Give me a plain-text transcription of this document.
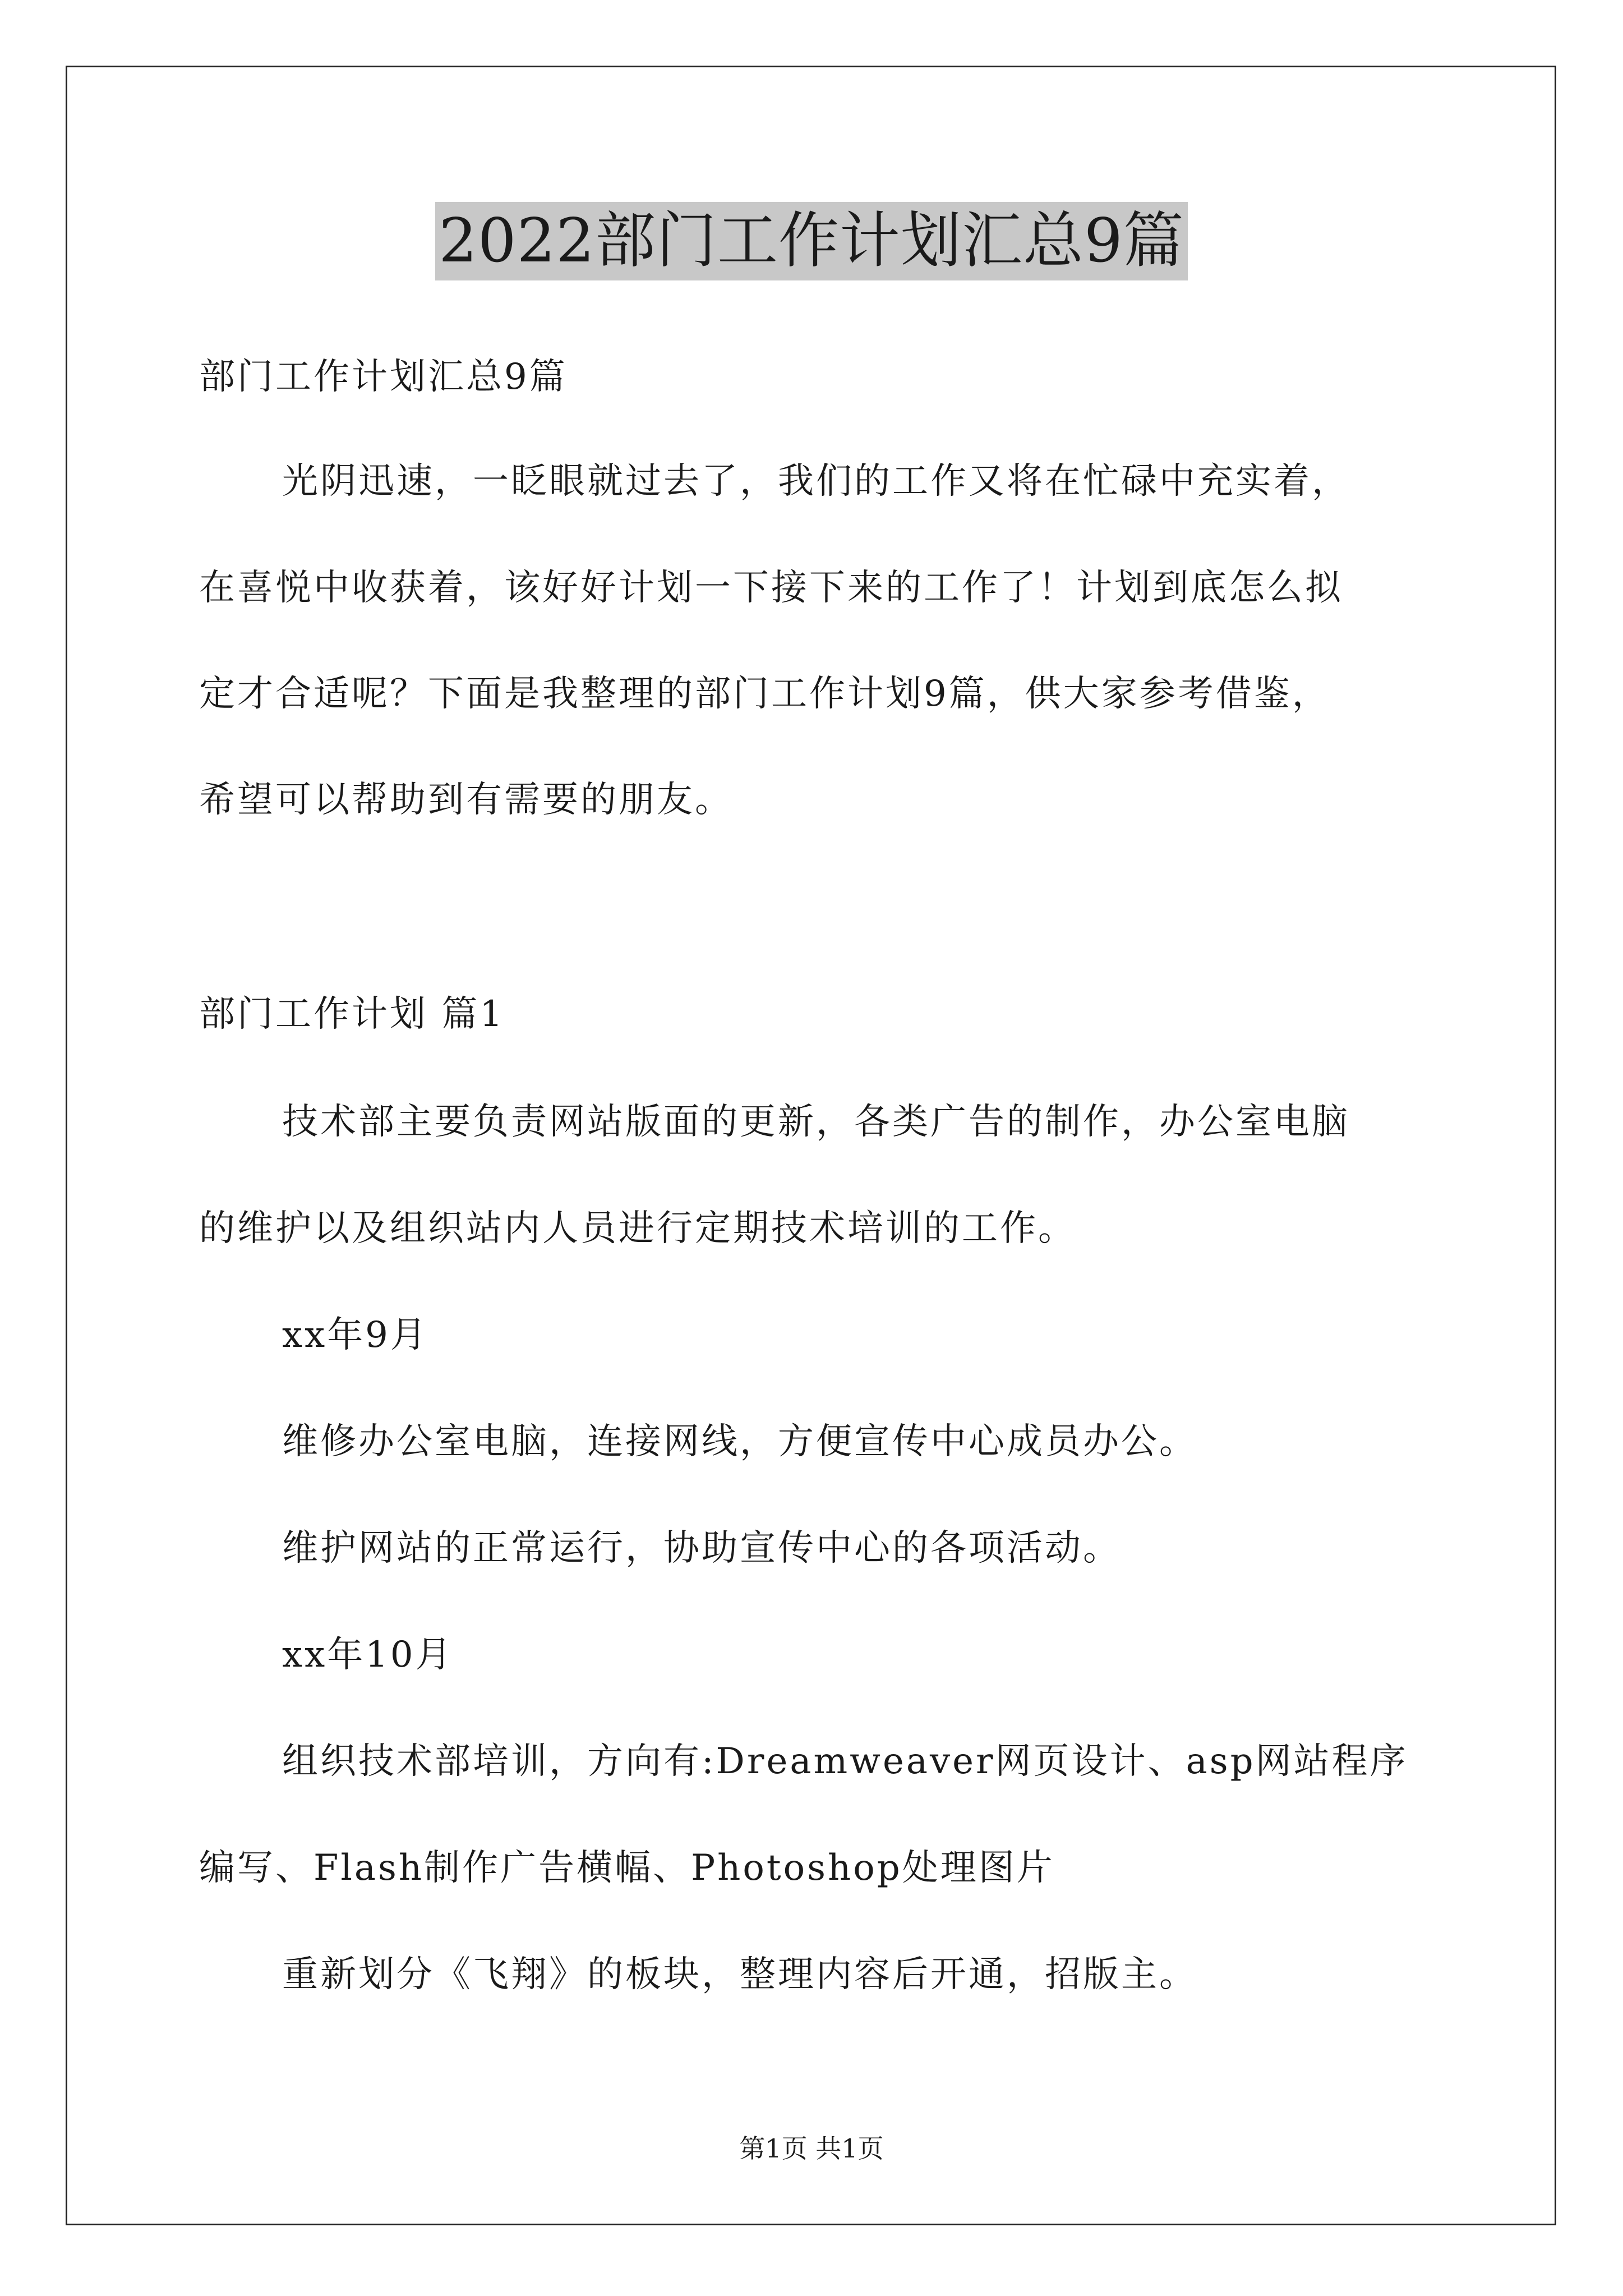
2022部门工作计划汇总9篇
部门工作计划汇总9篇
光阴迅速，一眨眼就过去了，我们的工作又将在忙碌中充实着，
在喜悦中收获着，该好好计划一下接下来的工作了！计划到底怎么拟
定才合适呢？下面是我整理的部门工作计划9篇，供大家参考借鉴，
希望可以帮助到有需要的朋友。
部门工作计划 篇1
技术部主要负责网站版面的更新，各类广告的制作，办公室电脑
的维护以及组织站内人员进行定期技术培训的工作。
xx年9月
维修办公室电脑，连接网线，方便宣传中心成员办公。
维护网站的正常运行，协助宣传中心的各项活动。
xx年10月
组织技术部培训，方向有:Dreamweaver网页设计、asp网站程序
编写、Flash制作广告横幅、Photoshop处理图片
重新划分《飞翔》的板块，整理内容后开通，招版主。
第1页 共1页
